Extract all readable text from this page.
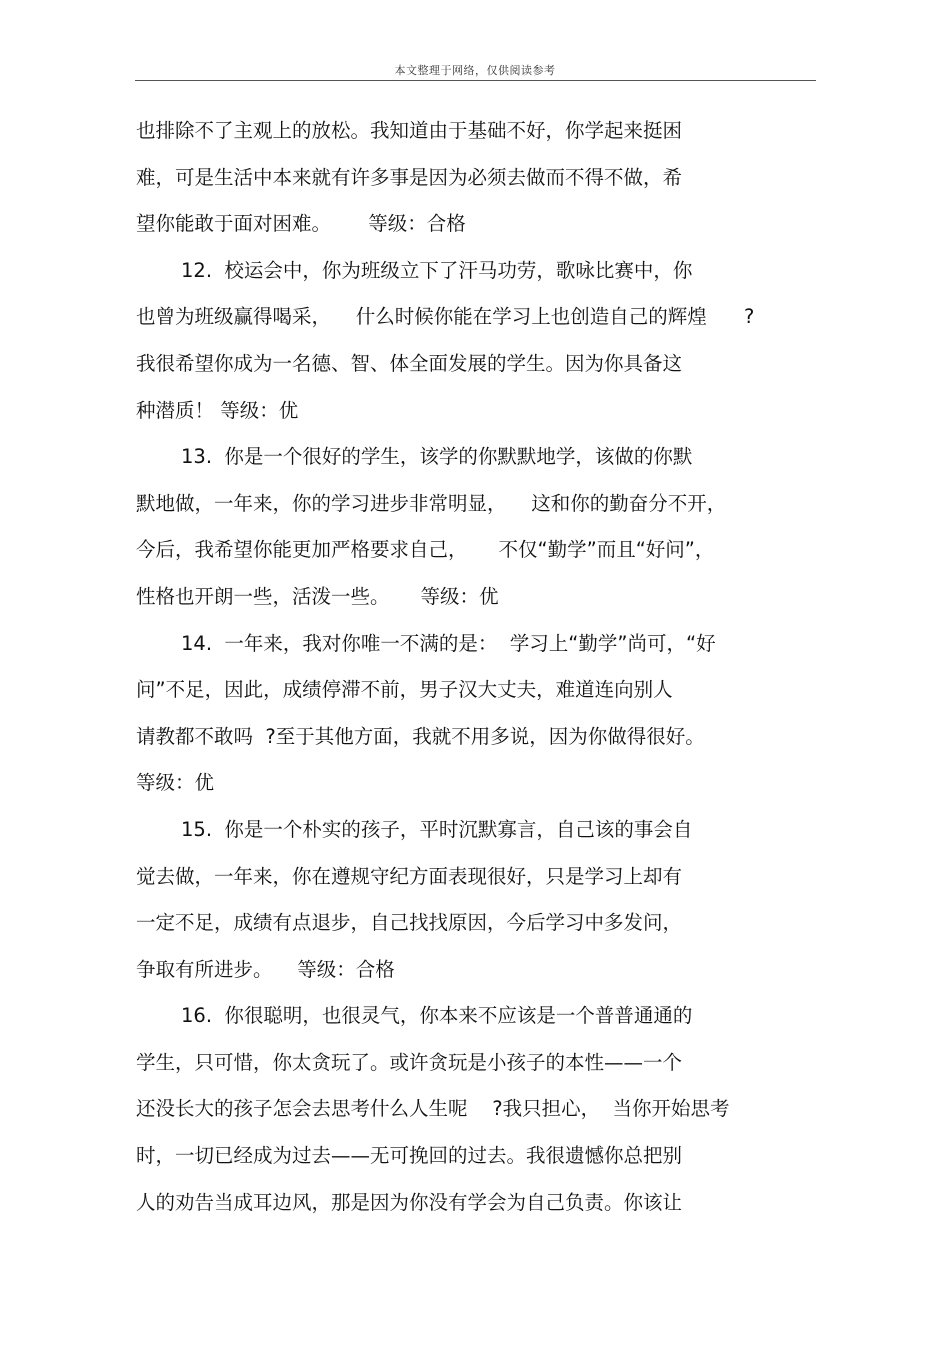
本文整理于网络，仅供阅读参考
也排除不了主观上的放松。我知道由于基础不好，你学起来挺困
难，可是生活中本来就有许多事是因为必须去做而不得不做，希
望你能敢于面对困难。      等级：合格
12.  校运会中，你为班级立下了汗马功劳，歌咏比赛中，你
也曾为班级赢得喝采，    什么时候你能在学习上也创造自己的辉煌      ?
我很希望你成为一名德、智、体全面发展的学生。因为你具备这
种潜质！ 等级：优
13.  你是一个很好的学生，该学的你默默地学，该做的你默
默地做，一年来，你的学习进步非常明显，    这和你的勤奋分不开，
今后，我希望你能更加严格要求自己，     不仅“勤学”而且“好问”，
性格也开朗一些，活泼一些。     等级：优
14.  一年来，我对你唯一不满的是：  学习上“勤学”尚可，“好
问”不足，因此，成绩停滞不前，男子汉大丈夫，难道连向别人
请教都不敢吗  ?至于其他方面，我就不用多说，因为你做得很好。
等级：优
15.  你是一个朴实的孩子，平时沉默寡言，自己该的事会自
觉去做，一年来，你在遵规守纪方面表现很好，只是学习上却有
一定不足，成绩有点退步，自己找找原因，今后学习中多发问，
争取有所进步。    等级：合格
16.  你很聪明，也很灵气，你本来不应该是一个普普通通的
学生，只可惜，你太贪玩了。或许贪玩是小孩子的本性——一个
还没长大的孩子怎会去思考什么人生呢    ?我只担心，  当你开始思考
时，一切已经成为过去——无可挽回的过去。我很遗憾你总把别
人的劝告当成耳边风，那是因为你没有学会为自己负责。你该让
